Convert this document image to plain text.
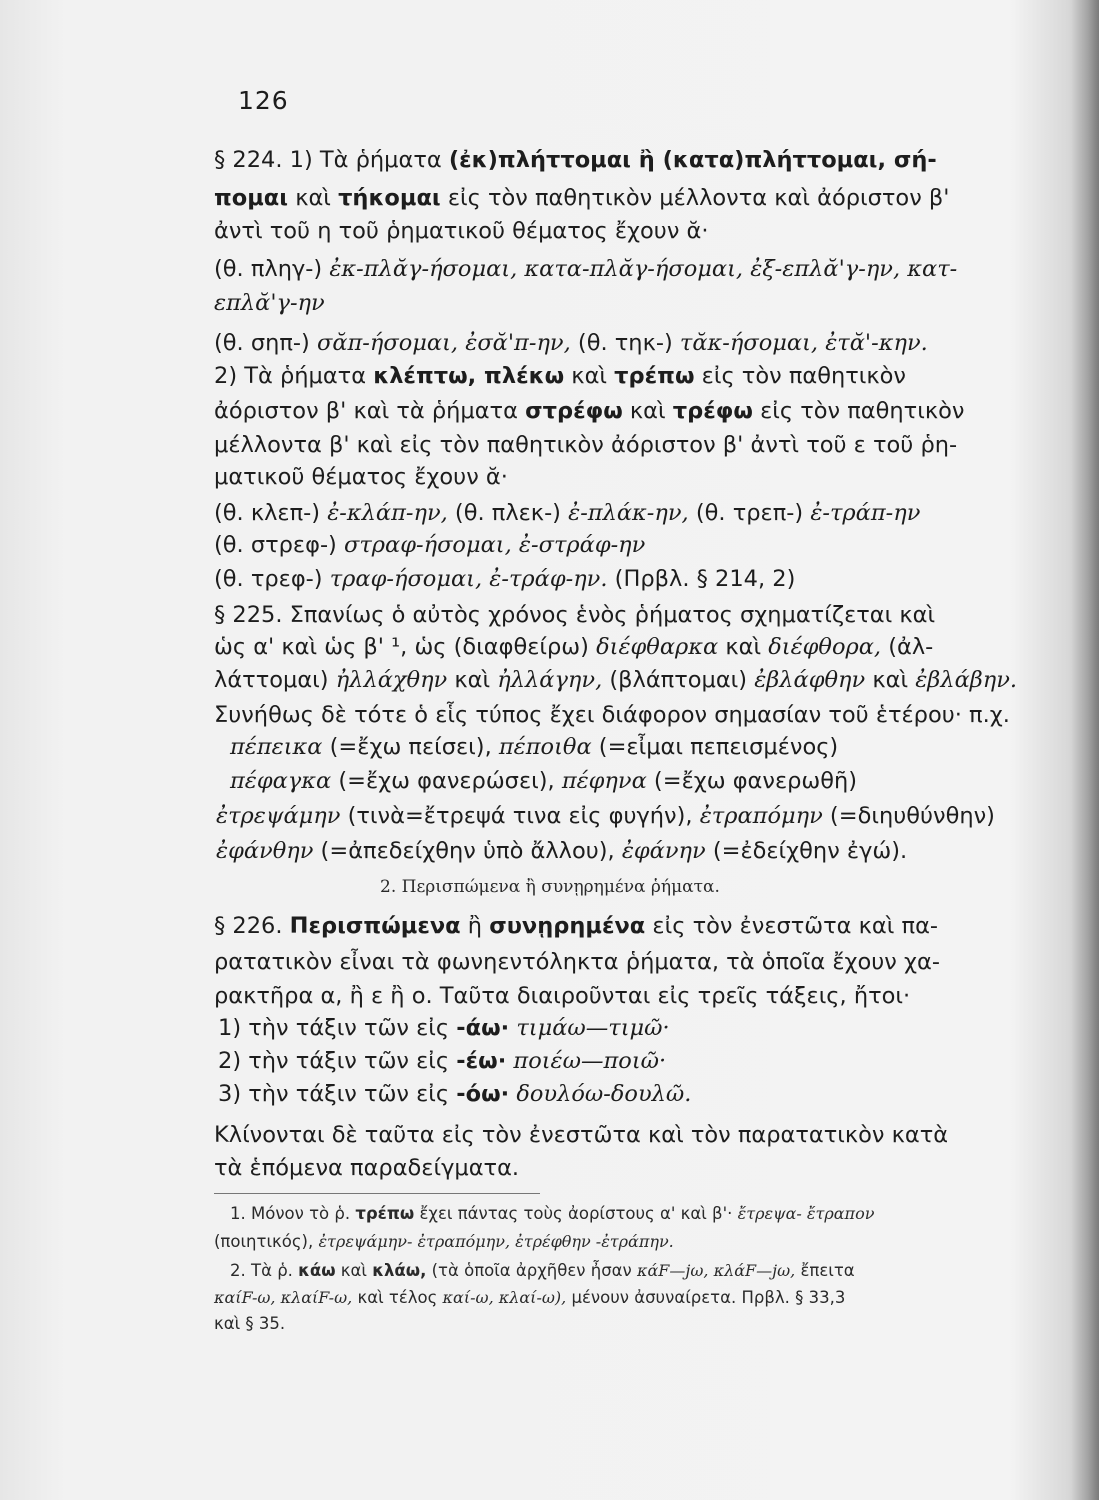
126
§ 224. 1) Τὰ ῥήματα (ἐκ)πλήττομαι ἢ (κατα)πλήττομαι, σή-
πομαι καὶ τήκομαι εἰς τὸν παθητικὸν μέλλοντα καὶ ἀόριστον β'
ἀντὶ τοῦ η τοῦ ῥηματικοῦ θέματος ἔχουν ᾰ·
(θ. πληγ-) ἐκ-πλᾰγ-ήσομαι, κατα-πλᾰγ-ήσομαι, ἐξ-επλᾰ'γ-ην, κατ-
επλᾰ'γ-ην
(θ. σηπ-) σᾰπ-ήσομαι, ἐσᾰ'π-ην, (θ. τηκ-) τᾰκ-ήσομαι, ἐτᾰ'-κην.
2) Τὰ ῥήματα κλέπτω, πλέκω καὶ τρέπω εἰς τὸν παθητικὸν
ἀόριστον β' καὶ τὰ ῥήματα στρέφω καὶ τρέφω εἰς τὸν παθητικὸν
μέλλοντα β' καὶ εἰς τὸν παθητικὸν ἀόριστον β' ἀντὶ τοῦ ε τοῦ ῥη-
ματικοῦ θέματος ἔχουν ᾰ·
(θ. κλεπ-) ἐ-κλάπ-ην, (θ. πλεκ-) ἐ-πλάκ-ην, (θ. τρεπ-) ἐ-τράπ-ην
(θ. στρεφ-) στραφ-ήσομαι, ἐ-στράφ-ην
(θ. τρεφ-) τραφ-ήσομαι, ἐ-τράφ-ην. (Πρβλ. § 214, 2)
§ 225. Σπανίως ὁ αὐτὸς χρόνος ἑνὸς ῥήματος σχηματίζεται καὶ
ὡς α' καὶ ὡς β' ¹, ὡς (διαφθείρω) διέφθαρκα καὶ διέφθορα, (ἀλ-
λάττομαι) ἠλλάχθην καὶ ἠλλάγην, (βλάπτομαι) ἐβλάφθην καὶ ἐβλάβην.
Συνήθως δὲ τότε ὁ εἷς τύπος ἔχει διάφορον σημασίαν τοῦ ἑτέρου· π.χ.
πέπεικα (=ἔχω πείσει), πέποιθα (=εἶμαι πεπεισμένος)
πέφαγκα (=ἔχω φανερώσει), πέφηνα (=ἔχω φανερωθῆ)
ἐτρεψάμην (τινὰ=ἔτρεψά τινα εἰς φυγήν), ἐτραπόμην (=διηυθύνθην)
ἐφάνθην (=ἀπεδείχθην ὑπὸ ἄλλου), ἐφάνην (=ἐδείχθην ἐγώ).
2. Περισπώμενα ἢ συνῃρημένα ῥήματα.
§ 226. Περισπώμενα ἢ συνῃρημένα εἰς τὸν ἐνεστῶτα καὶ πα-
ρατατικὸν εἶναι τὰ φωνηεντόληκτα ῥήματα, τὰ ὁποῖα ἔχουν χα-
ρακτῆρα α, ἢ ε ἢ ο. Ταῦτα διαιροῦνται εἰς τρεῖς τάξεις, ἤτοι·
1) τὴν τάξιν τῶν εἰς -άω· τιμάω—τιμῶ·
2) τὴν τάξιν τῶν εἰς -έω· ποιέω—ποιῶ·
3) τὴν τάξιν τῶν εἰς -όω· δουλόω-δουλῶ.
Κλίνονται δὲ ταῦτα εἰς τὸν ἐνεστῶτα καὶ τὸν παρατατικὸν κατὰ
τὰ ἑπόμενα παραδείγματα.
1. Μόνον τὸ ῥ. τρέπω ἔχει πάντας τοὺς ἀορίστους α' καὶ β'· ἔτρεψα- ἔτραπον
(ποιητικός), ἐτρεψάμην- ἐτραπόμην, ἐτρέφθην -ἐτράπην.
2. Τὰ ῥ. κάω καὶ κλάω, (τὰ ὁποῖα ἀρχῆθεν ἦσαν κάF—jω, κλάF—jω, ἔπειτα
καίF-ω, κλαίF-ω, καὶ τέλος καί-ω, κλαί-ω), μένουν ἀσυναίρετα. Πρβλ. § 33,3
καὶ § 35.
